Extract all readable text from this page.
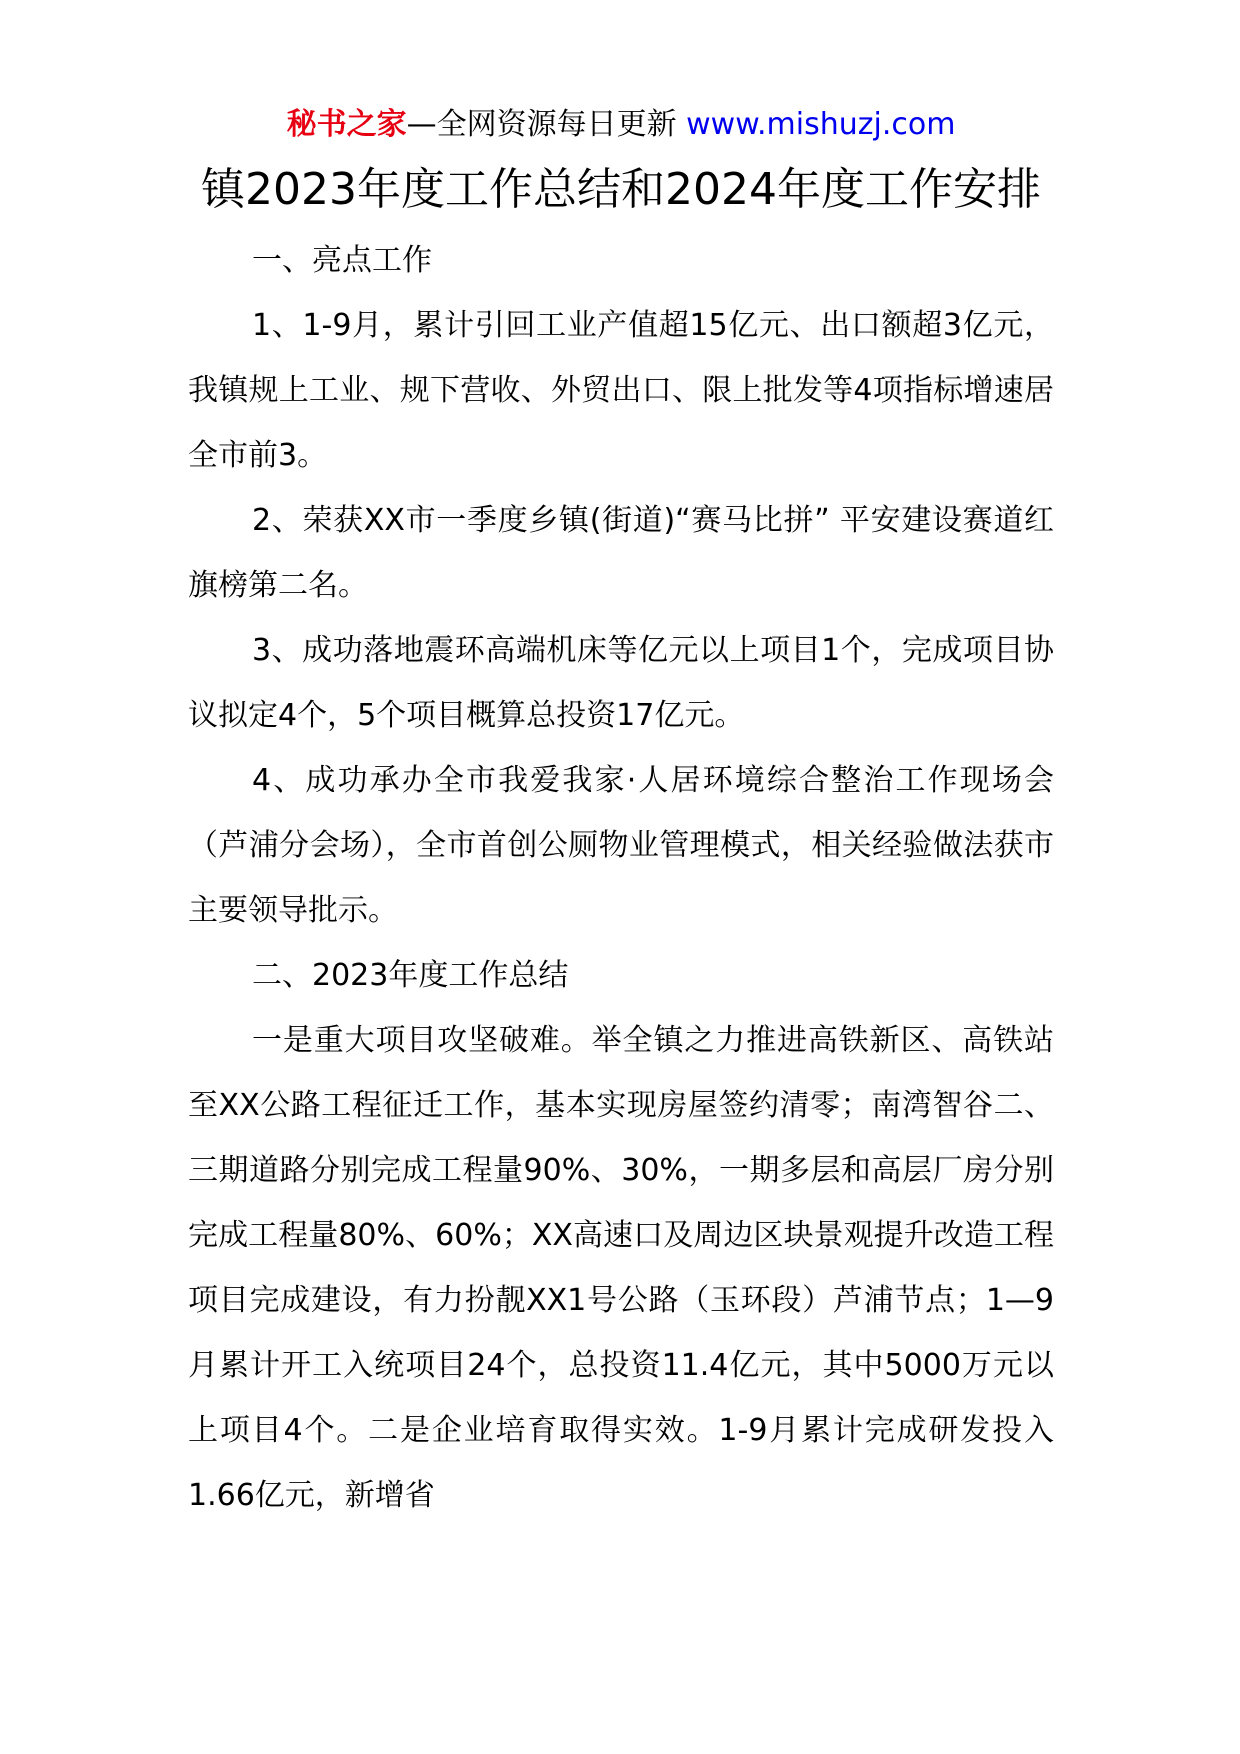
秘书之家—全网资源每日更新 www.mishuzj.com
镇2023年度工作总结和2024年度工作安排

一、亮点工作

1、1-9月，累计引回工业产值超15亿元、出口额超3亿元，我镇规上工业、规下营收、外贸出口、限上批发等4项指标增速居全市前3。

2、荣获XX市一季度乡镇(街道)“赛马比拼” 平安建设赛道红旗榜第二名。

3、成功落地震环高端机床等亿元以上项目1个，完成项目协议拟定4个，5个项目概算总投资17亿元。

4、成功承办全市我爱我家·人居环境综合整治工作现场会（芦浦分会场），全市首创公厕物业管理模式，相关经验做法获市主要领导批示。

二、2023年度工作总结

一是重大项目攻坚破难。举全镇之力推进高铁新区、高铁站至XX公路工程征迁工作，基本实现房屋签约清零；南湾智谷二、三期道路分别完成工程量90%、30%，一期多层和高层厂房分别完成工程量80%、60%；XX高速口及周边区块景观提升改造工程项目完成建设，有力扮靓XX1号公路（玉环段）芦浦节点；1—9月累计开工入统项目24个，总投资11.4亿元，其中5000万元以上项目4个。二是企业培育取得实效。1-9月累计完成研发投入1.66亿元，新增省
